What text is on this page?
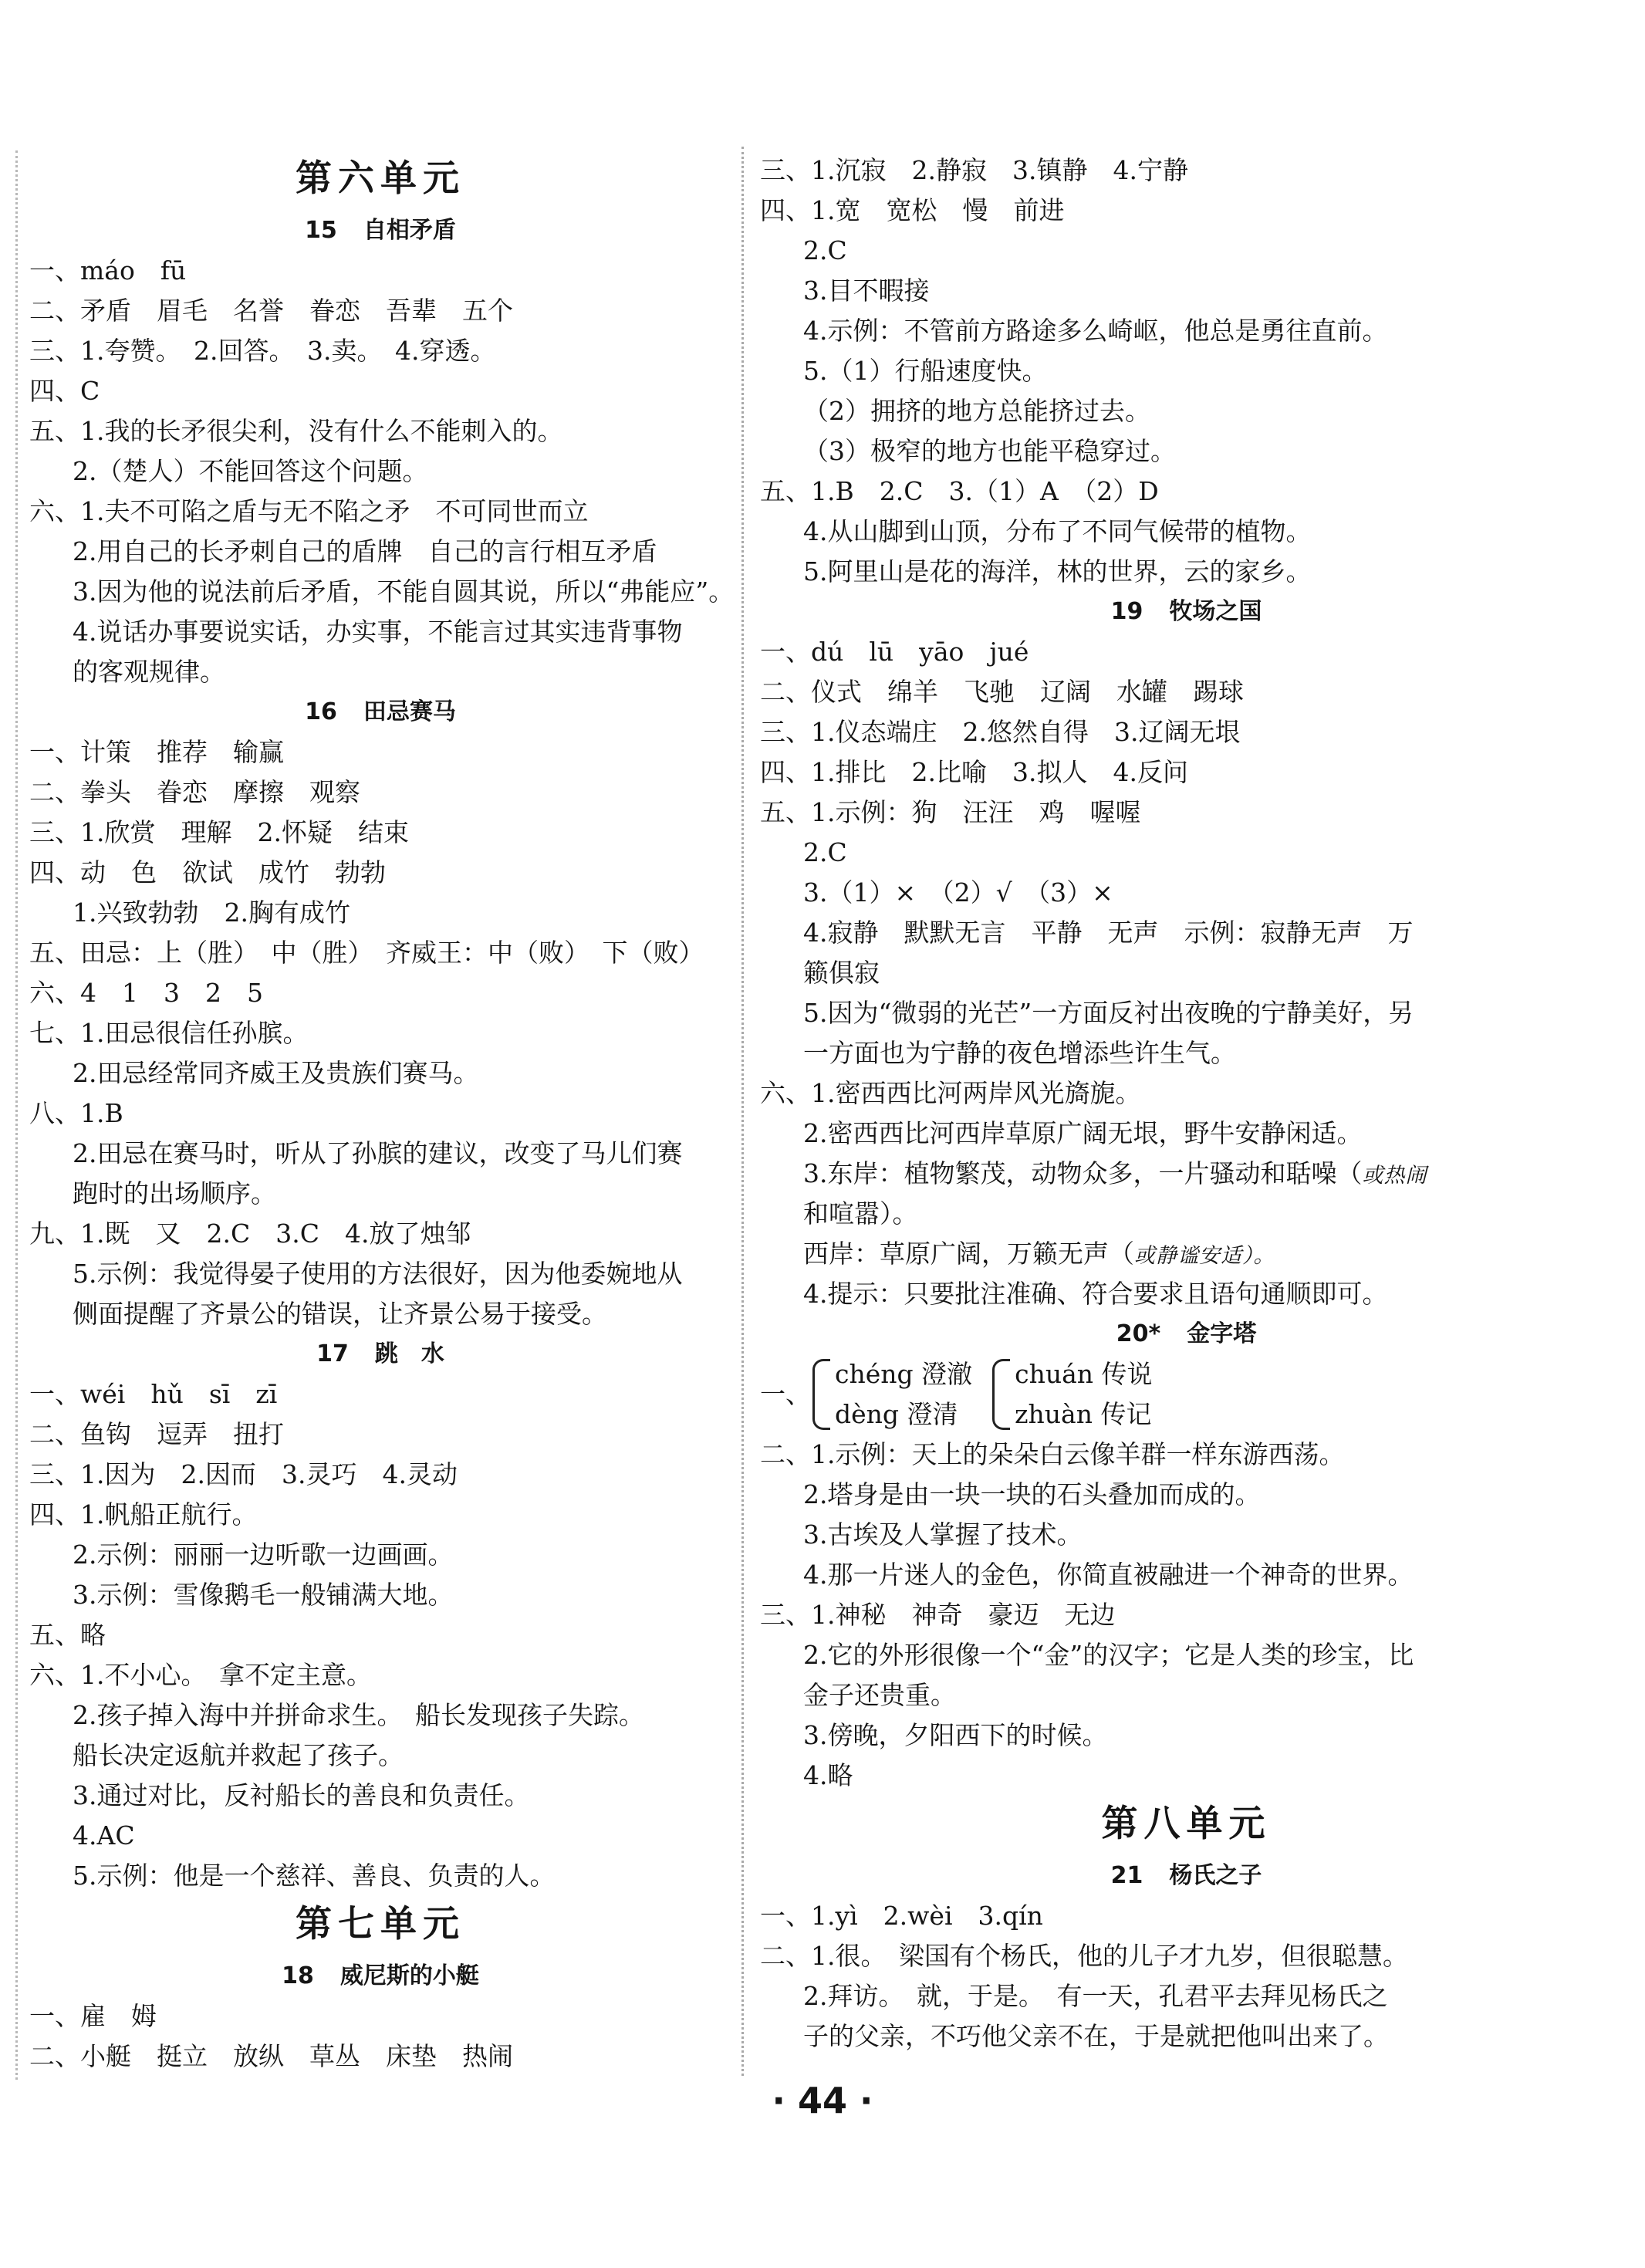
第六单元
15 自相矛盾
一、máo　fū
二、矛盾　眉毛　名誉　眷恋　吾辈　五个
三、1.夸赞。　2.回答。　3.卖。　4.穿透。
四、C
五、1.我的长矛很尖利，没有什么不能刺入的。
2.（楚人）不能回答这个问题。
六、1.夫不可陷之盾与无不陷之矛　不可同世而立
2.用自己的长矛刺自己的盾牌　自己的言行相互矛盾
3.因为他的说法前后矛盾，不能自圆其说，所以“弗能应”。
4.说话办事要说实话，办实事，不能言过其实违背事物
的客观规律。
16 田忌赛马
一、计策　推荐　输赢
二、拳头　眷恋　摩擦　观察
三、1.欣赏　理解　2.怀疑　结束
四、动　色　欲试　成竹　勃勃
1.兴致勃勃　2.胸有成竹
五、田忌：上（胜）　中（胜）　齐威王：中（败）　下（败）
六、4　1　3　2　5
七、1.田忌很信任孙膑。
2.田忌经常同齐威王及贵族们赛马。
八、1.B
2.田忌在赛马时，听从了孙膑的建议，改变了马儿们赛
跑时的出场顺序。
九、1.既　又　2.C　3.C　4.放了烛邹
5.示例：我觉得晏子使用的方法很好，因为他委婉地从
侧面提醒了齐景公的错误，让齐景公易于接受。
17 跳　水
一、wéi　hǔ　sī　zī
二、鱼钩　逗弄　扭打
三、1.因为　2.因而　3.灵巧　4.灵动
四、1.帆船正航行。
2.示例：丽丽一边听歌一边画画。
3.示例：雪像鹅毛一般铺满大地。
五、略
六、1.不小心。　拿不定主意。
2.孩子掉入海中并拼命求生。　船长发现孩子失踪。
船长决定返航并救起了孩子。
3.通过对比，反衬船长的善良和负责任。
4.AC
5.示例：他是一个慈祥、善良、负责的人。
第七单元
18 威尼斯的小艇
一、雇　姆
二、小艇　挺立　放纵　草丛　床垫　热闹
三、1.沉寂　2.静寂　3.镇静　4.宁静
四、1.宽　宽松　慢　前进
2.C
3.目不暇接
4.示例：不管前方路途多么崎岖，他总是勇往直前。
5.（1）行船速度快。
（2）拥挤的地方总能挤过去。
（3）极窄的地方也能平稳穿过。
五、1.B　2.C　3.（1）A　（2）D
4.从山脚到山顶，分布了不同气候带的植物。
5.阿里山是花的海洋，林的世界，云的家乡。
19 牧场之国
一、dú　lū　yāo　jué
二、仪式　绵羊　飞驰　辽阔　水罐　踢球
三、1.仪态端庄　2.悠然自得　3.辽阔无垠
四、1.排比　2.比喻　3.拟人　4.反问
五、1.示例：狗　汪汪　鸡　喔喔
2.C
3.（1）×　（2）√　（3）×
4.寂静　默默无言　平静　无声　示例：寂静无声　万
籁俱寂
5.因为“微弱的光芒”一方面反衬出夜晚的宁静美好，另
一方面也为宁静的夜色增添些许生气。
六、1.密西西比河两岸风光旖旎。
2.密西西比河西岸草原广阔无垠，野牛安静闲适。
3.东岸：植物繁茂，动物众多，一片骚动和聒噪（或热闹
和喧嚣）。
西岸：草原广阔，万籁无声（或静谧安适）。
4.提示：只要批注准确、符合要求且语句通顺即可。
20* 金字塔
一、
chéng 澄澈
dèng 澄清
chuán 传说
zhuàn 传记
二、1.示例：天上的朵朵白云像羊群一样东游西荡。
2.塔身是由一块一块的石头叠加而成的。
3.古埃及人掌握了技术。
4.那一片迷人的金色，你简直被融进一个神奇的世界。
三、1.神秘　神奇　豪迈　无边
2.它的外形很像一个“金”的汉字；它是人类的珍宝，比
金子还贵重。
3.傍晚，夕阳西下的时候。
4.略
第八单元
21 杨氏之子
一、1.yì　2.wèi　3.qín
二、1.很。　梁国有个杨氏，他的儿子才九岁，但很聪慧。
2.拜访。　就，于是。　有一天，孔君平去拜见杨氏之
子的父亲，不巧他父亲不在，于是就把他叫出来了。
· 44 ·
